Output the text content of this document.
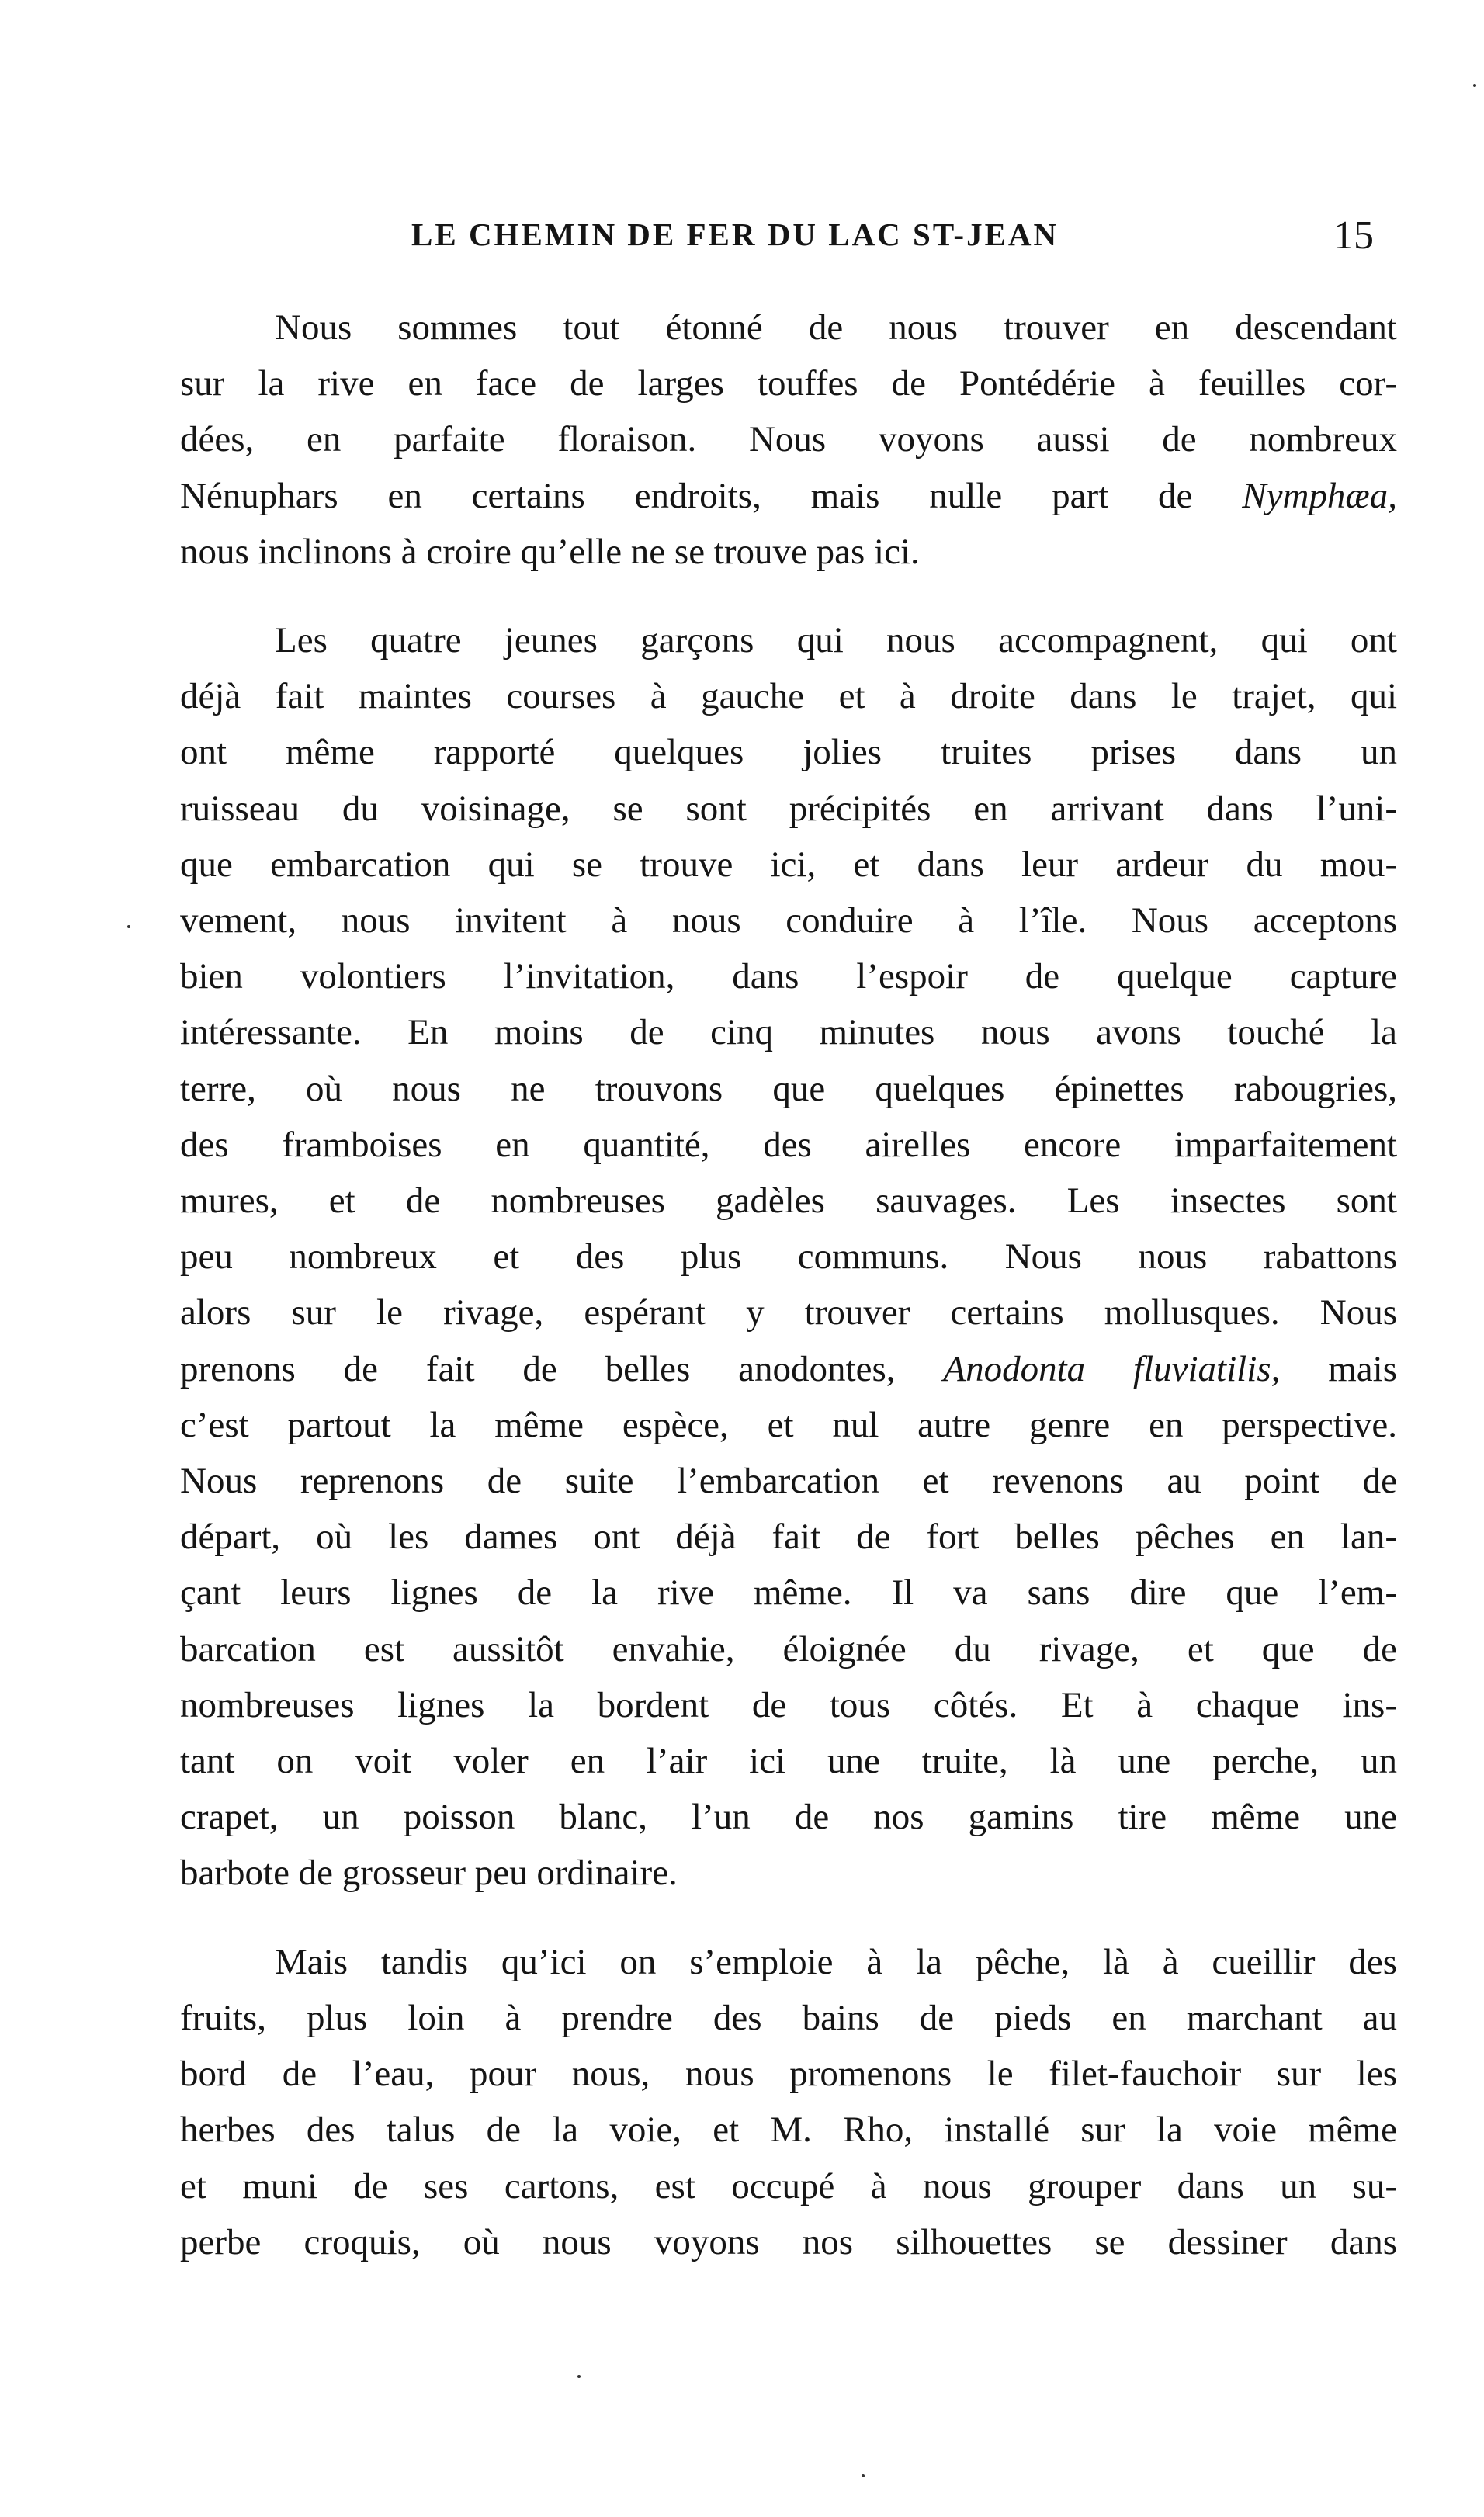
LE CHEMIN DE FER DU LAC ST-JEAN	15

Nous sommes tout étonné de nous trouver en descendant
sur la rive en face de larges touffes de Pontédérie à feuilles cor-
dées, en parfaite floraison. Nous voyons aussi de nombreux
Nénuphars en certains endroits, mais nulle part de Nymphæa,
nous inclinons à croire qu’elle ne se trouve pas ici.

Les quatre jeunes garçons qui nous accompagnent, qui ont
déjà fait maintes courses à gauche et à droite dans le trajet, qui
ont même rapporté quelques jolies truites prises dans un
ruisseau du voisinage, se sont précipités en arrivant dans l’uni-
que embarcation qui se trouve ici, et dans leur ardeur du mou-
vement, nous invitent à nous conduire à l’île. Nous acceptons
bien volontiers l’invitation, dans l’espoir de quelque capture
intéressante. En moins de cinq minutes nous avons touché la
terre, où nous ne trouvons que quelques épinettes rabougries,
des framboises en quantité, des airelles encore imparfaitement
mures, et de nombreuses gadèles sauvages. Les insectes sont
peu nombreux et des plus communs. Nous nous rabattons
alors sur le rivage, espérant y trouver certains mollusques. Nous
prenons de fait de belles anodontes, Anodonta fluviatilis, mais
c’est partout la même espèce, et nul autre genre en perspective.
Nous reprenons de suite l’embarcation et revenons au point de
départ, où les dames ont déjà fait de fort belles pêches en lan-
çant leurs lignes de la rive même. Il va sans dire que l’em-
barcation est aussitôt envahie, éloignée du rivage, et que de
nombreuses lignes la bordent de tous côtés. Et à chaque ins-
tant on voit voler en l’air ici une truite, là une perche, un
crapet, un poisson blanc, l’un de nos gamins tire même une
barbote de grosseur peu ordinaire.

Mais tandis qu’ici on s’emploie à la pêche, là à cueillir des
fruits, plus loin à prendre des bains de pieds en marchant au
bord de l’eau, pour nous, nous promenons le filet-fauchoir sur les
herbes des talus de la voie, et M. Rho, installé sur la voie même
et muni de ses cartons, est occupé à nous grouper dans un su-
perbe croquis, où nous voyons nos silhouettes se dessiner dans
